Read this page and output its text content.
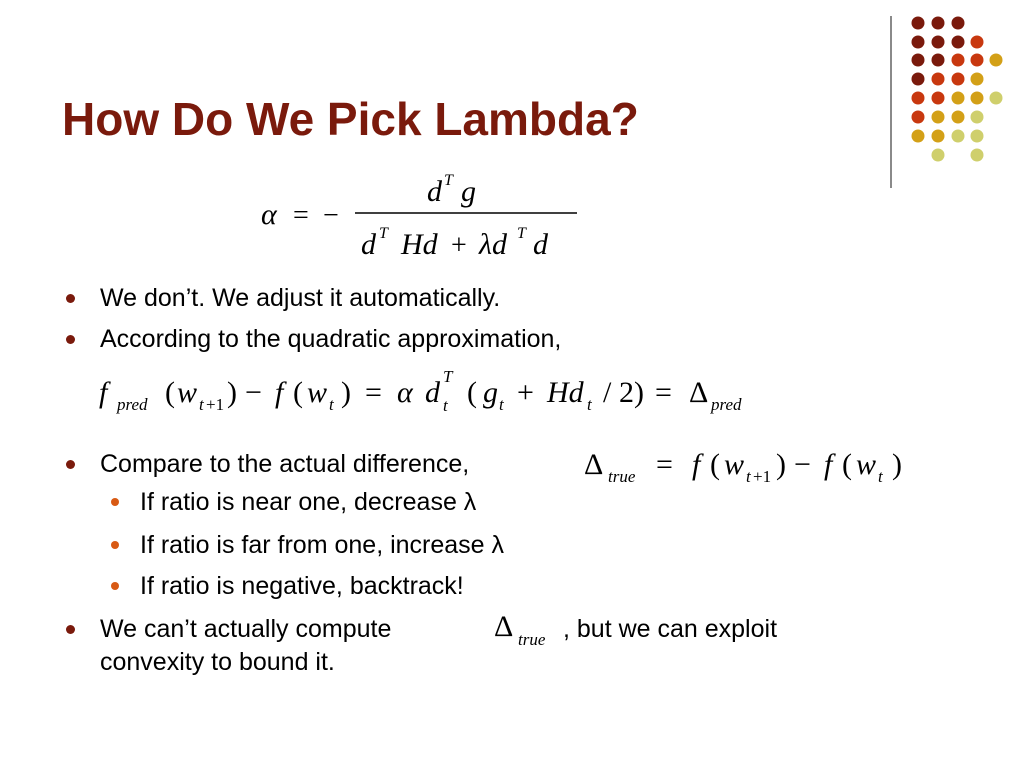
How Do We Pick Lambda?
α = −
d T g
d T Hd + λd T d
We don’t. We adjust it automatically.
According to the quadratic approximation,
f pred ( w t +1 ) − f ( w t ) = α d T
t ( g t + Hd t / 2) = Δ pred
Compare to the actual difference,	Δ true = f ( w t +1 ) − f ( w t )
If ratio is near one, decrease λ
If ratio is far from one, increase λ
If ratio is negative, backtrack!
We can’t actually compute	Δ true , but we can exploit
convexity to bound it.
